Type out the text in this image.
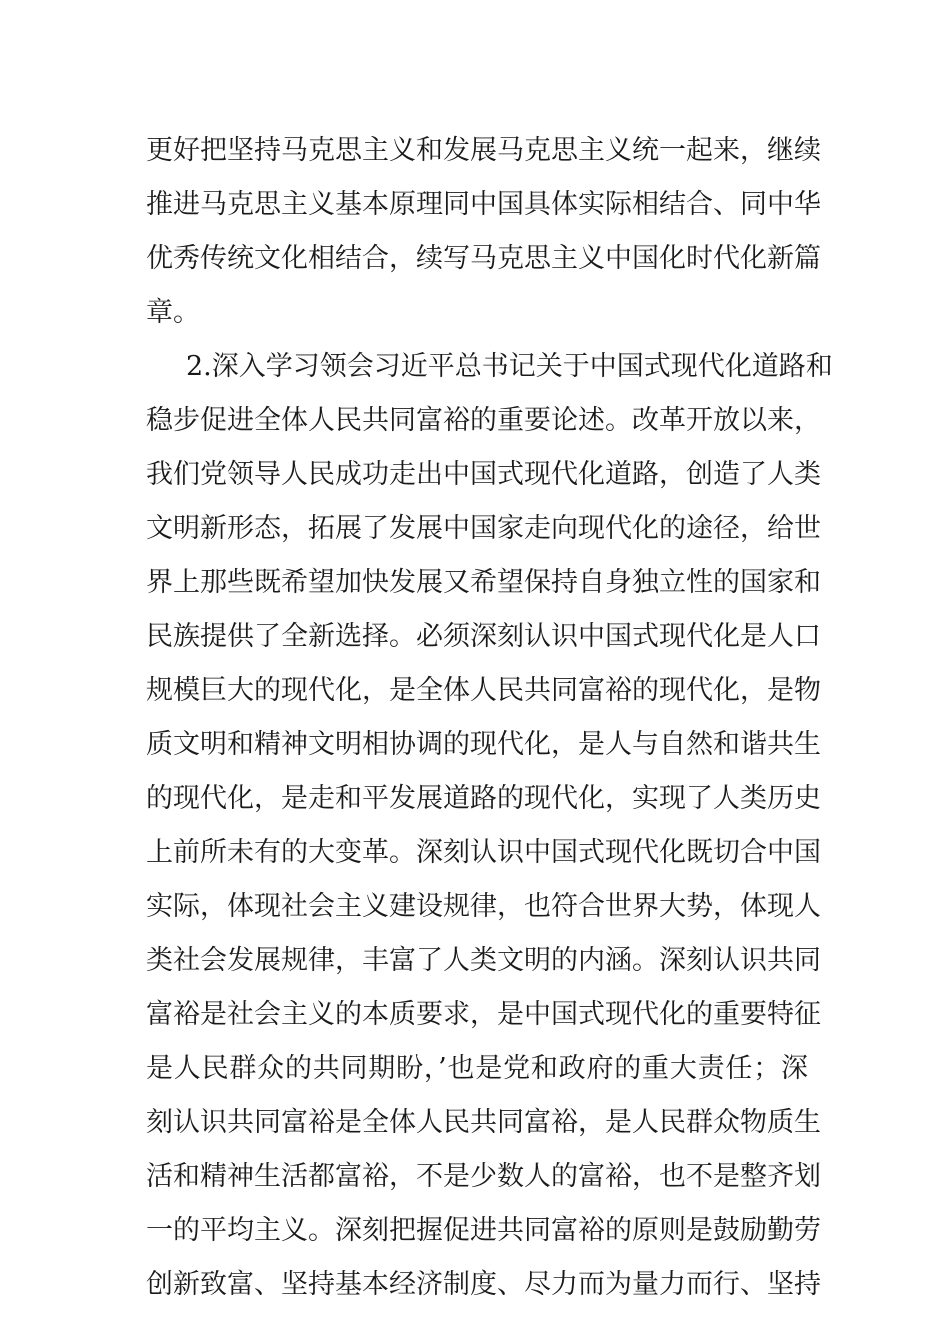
更好把坚持马克思主义和发展马克思主义统一起来，继续
推进马克思主义基本原理同中国具体实际相结合、同中华
优秀传统文化相结合，续写马克思主义中国化时代化新篇
章。
2.深入学习领会习近平总书记关于中国式现代化道路和
稳步促进全体人民共同富裕的重要论述。改革开放以来，
我们党领导人民成功走出中国式现代化道路，创造了人类
文明新形态，拓展了发展中国家走向现代化的途径，给世
界上那些既希望加快发展又希望保持自身独立性的国家和
民族提供了全新选择。必须深刻认识中国式现代化是人口
规模巨大的现代化，是全体人民共同富裕的现代化，是物
质文明和精神文明相协调的现代化，是人与自然和谐共生
的现代化，是走和平发展道路的现代化，实现了人类历史
上前所未有的大变革。深刻认识中国式现代化既切合中国
实际，体现社会主义建设规律，也符合世界大势，体现人
类社会发展规律，丰富了人类文明的内涵。深刻认识共同
富裕是社会主义的本质要求，是中国式现代化的重要特征
是人民群众的共同期盼，’也是党和政府的重大责任；深
刻认识共同富裕是全体人民共同富裕，是人民群众物质生
活和精神生活都富裕，不是少数人的富裕，也不是整齐划
一的平均主义。深刻把握促进共同富裕的原则是鼓励勤劳
创新致富、坚持基本经济制度、尽力而为量力而行、坚持
